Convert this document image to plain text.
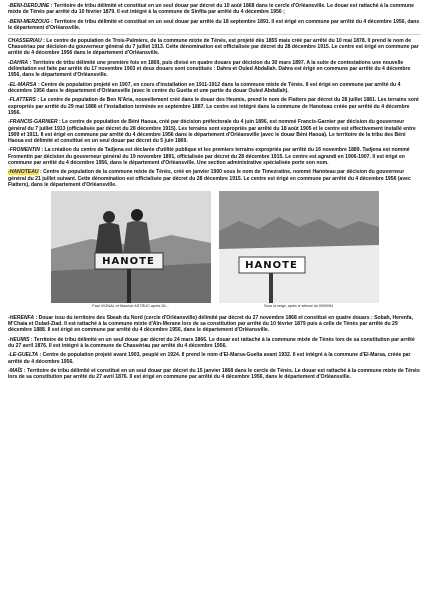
-BENI-DERDJINE : Territoire de tribu délimité et constitué en un seul douar par décret du 10 août 1868 dans le cercle d'Orléansville. Le douar est rattaché à la commune mixte de Ténès par arrêté du 10 février 1879. Il est intégré à la commune de Sinfita par arrêté du 4 décembre 1956 ;

-BENI-MERZOUG : Territoire de tribu délimité et constitué en un seul douar par arrêté du 18 septembre 1891. Il est érigé en commune par arrêté du 4 décembre 1956, dans le département d'Orléansville.

CHASSERIAU : Le centre de population de Trois-Palmiers, de la commune mixte de Ténès, est projeté dès 1855 mais créé par arrêté du 10 mai 1878. Il prend le nom de Chassériau par décision du gouverneur général du 7 juillet 1913. Cette dénomination est officialisée par décret du 28 décembre 1915. Le centre est érigé en commune par arrêté du 4 décembre 1956 dans le département d'Orléansville.

-DAHRA : Territoire de tribu délimité une première fois en 1869, puis divisé en quatre douars par décision du 30 mars 1897. A la suite de contestations une nouvelle délimitation est faite par arrêté du 17 novembre 1903 et deux douars sont constitués : Dahra et Ouled Abdallah. Dahra est érigé en commune par arrêté du 4 décembre 1956, dans le département d'Orléansville.

-EL-MARSA : Centre de population projeté en 1907, en cours d'installation en 1911-1912 dans la commune mixte de Ténès. Il est érigé en commune par arrêté du 4 décembre 1956 dans le département d'Orléansville (avec le centre du Guelta et une partie du douar Ouled Abdallah).

-FLATTERS : Le centre de population de Ben N'Aria, nouvellement créé dans le douar des Heumis, prend le nom de Flatters par décret du 28 juillet 1881. Les terrains sont expropriés par arrêté du 29 mai 1886 et l'installation terminée en septembre 1887. Le centre est intégré dans la commune de Hanoteau créée par arrêté du 4 décembre 1956.

-FRANCIS-GARNIER : Le centre de population de Béni Haoua, créé par décision préfectorale du 4 juin 1896, est nommé Francis-Garnier par décision du gouverneur général du 7 juillet 1913 (officialisée par décret du 28 décembre 1915). Les terrains sont expropriés par arrêté du 18 août 1905 et le centre est effectivement installé entre 1909 et 1911. Il est érigé en commune par arrêté du 4 décembre 1956 dans le département d'Orléansville (avec le douar Béni Haoua). Le territoire de la tribu des Béni Haoua est délimité et constitué en un seul douar par décret du 5 juin 1869.

-FROMENTIN : La création du centre de Tadjena est déclarée d'utilité publique et les premiers terrains expropriés par arrêté du 16 novembre 1889. Tadjena est nommé Fromentin par décision du gouverneur général du 19 novembre 1891, officialisée par décret du 28 décembre 1915. Le centre est agrandi en 1906-1907. Il est érigé en commune par arrêté du 4 décembre 1956, dans le département d'Orléansville. Une section administrative spécialisée porte son nom.

-HANOTEAU : Centre de population de la commune mixte de Ténès, créé en janvier 1900 sous le nom de Timezratine, nommé Hanoteau par décision du gouverneur général du 21 juillet suivant. Cette dénomination est officialisée par décret du 28 décembre 1915. Le centre est érigé en commune par arrêté du 4 décembre 1956 (avec Flatters), dans le département d'Orléansville.

HANOTE
Paul VIGNAL et Maurice ASTRUC après 54...
HANOTE
Sous la neige, après le séisme du 09/09/54

-HERENFA : Douar issu du territoire des Sbeah du Nord (cercle d'Orléansville) délimité par décret du 27 novembre 1868 et constitué en quatre douars : Sobah, Herenfa, M'Chaia et Oulad-Ziad. Il est rattaché à la commune mixte d'Aïn-Merane lors de sa constitution par arrêté du 10 février 1879 puis à celle de Ténès par arrêté du 29 décembre 1888. Il est érigé en commune par arrêté du 4 décembre 1956, dans le département d'Orléansville.

-HEUMIS : Territoire de tribu délimité en un seul douar par décret du 24 mars 1866. Le douar est rattaché à la commune mixte de Ténès lors de sa constitution par arrêté du 27 avril 1876. Il est intégré à la commune de Chassériau par arrêté du 4 décembre 1956.

-LE-GUELTA : Centre de population projeté avant 1903, peuplé en 1924. Il prend le nom d'El-Marsa-Guelta avant 1932. Il est intégré à la commune d'El-Marsa, créée par arrêté du 4 décembre 1956.

-MAÏS : Territoire de tribu délimité et constitué en un seul douar par décret du 15 janvier 1868 dans le cercle de Ténès. Le douar est rattaché à la commune mixte de Ténès lors de sa constitution par arrêté du 27 avril 1876. Il est érigé en commune par arrêté du 4 décembre 1956, dans le département d'Orléansville.
